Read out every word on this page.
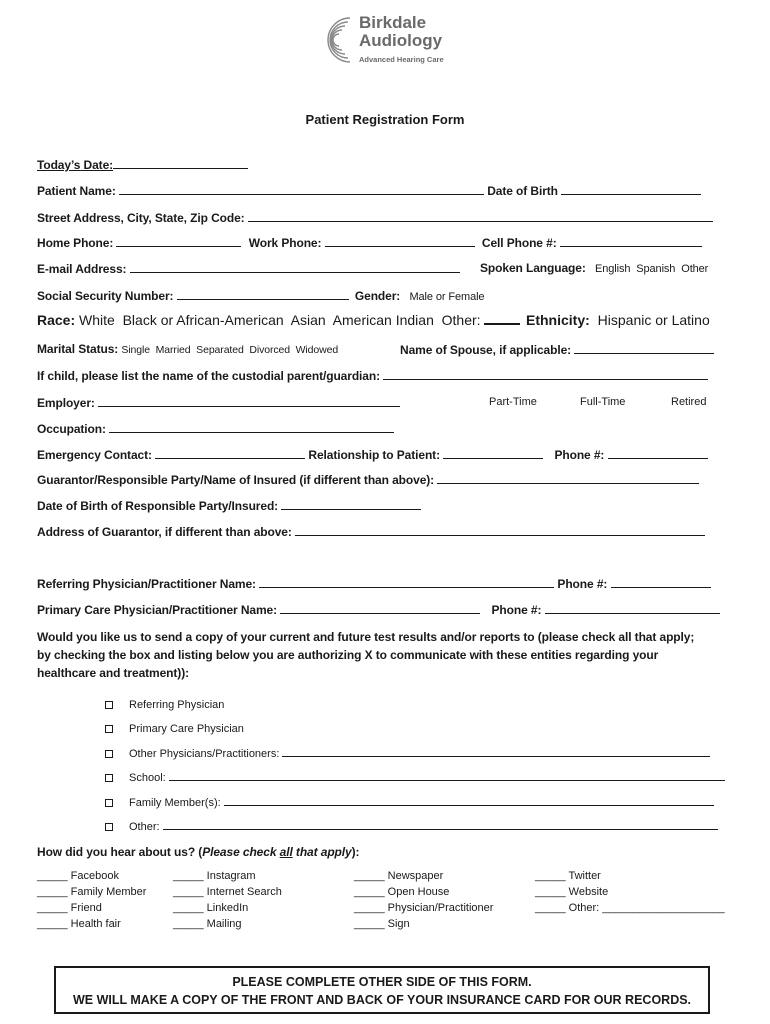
Birkdale
Audiology
Advanced Hearing Care
Patient Registration Form
Today’s Date:
Patient Name:	Date of Birth
Street Address, City, State, Zip Code:
Home Phone:	Work Phone:	Cell Phone #:
E-mail Address:	Spoken Language: English  Spanish  Other
Social Security Number:	Gender: Male or Female
Race: White  Black or African-American  Asian  American Indian  Other:	Ethnicity: Hispanic or Latino
Marital Status: Single  Married  Separated  Divorced  Widowed	Name of Spouse, if applicable:
If child, please list the name of the custodial parent/guardian:
Employer:	Part-Time	Full-Time	Retired
Occupation:
Emergency Contact:	Relationship to Patient:	Phone #:
Guarantor/Responsible Party/Name of Insured (if different than above):
Date of Birth of Responsible Party/Insured:
Address of Guarantor, if different than above:
Referring Physician/Practitioner Name:	Phone #:
Primary Care Physician/Practitioner Name:	Phone #:
Would you like us to send a copy of your current and future test results and/or reports to (please check all that apply;
by checking the box and listing below you are authorizing X to communicate with these entities regarding your
healthcare and treatment)):
Referring Physician
Primary Care Physician
Other Physicians/Practitioners:
School:
Family Member(s):
Other:
How did you hear about us? (Please check all that apply):
_____ Facebook
_____ Family Member
_____ Friend
_____ Health fair
_____ Instagram
_____ Internet Search
_____ LinkedIn
_____ Mailing
_____ Newspaper
_____ Open House
_____ Physician/Practitioner
_____ Sign
_____ Twitter
_____ Website
_____ Other: ____________________
PLEASE COMPLETE OTHER SIDE OF THIS FORM.
WE WILL MAKE A COPY OF THE FRONT AND BACK OF YOUR INSURANCE CARD FOR OUR RECORDS.
